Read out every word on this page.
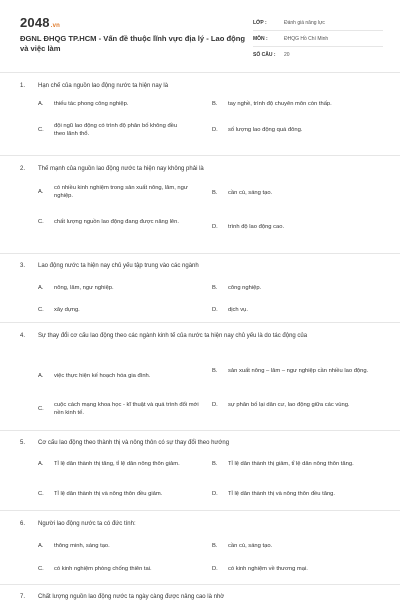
2048.vn
ĐGNL ĐHQG TP.HCM - Vấn đề thuộc lĩnh vực địa lý - Lao động và việc làm
LỚP :	Đánh giá năng lực
MÔN :	ĐHQG Hồ Chí Minh
SỐ CÂU :	20
1.	Hạn chế của nguồn lao động nước ta hiện nay là
A.	thiếu tác phong công nghiệp.	B.	tay nghề, trình độ chuyên môn còn thấp.
C.
đội ngũ lao động có trình độ phân bố không đều theo lãnh thổ.
D.	số lượng lao động quá đông.
2.	Thế mạnh của nguồn lao động nước ta hiện nay không phải là
A.
có nhiều kinh nghiệm trong sản xuất nông, lâm, ngư nghiệp.	B.	cần cù, sáng tạo.
C.	chất lượng nguồn lao động đang được nâng lên.
D.	trình độ lao động cao.
3.	Lao động nước ta hiện nay chủ yếu tập trung vào các ngành
A.	nông, lâm, ngư nghiệp.	B.	công nghiệp.
C.	xây dựng.	D.	dịch vụ.
4.	Sự thay đổi cơ cấu lao động theo các ngành kinh tế của nước ta hiện nay chủ yếu là do tác động của
A.	việc thực hiện kế hoạch hóa gia đình.
B.	sản xuất nông – lâm – ngư nghiệp cần nhiều lao động.
C.
cuộc cách mạng khoa học - kĩ thuật và quá trình đổi mới nền kinh tế.
D.	sự phân bố lại dân cư, lao động giữa các vùng.
5.	Cơ cấu lao động theo thành thị và nông thôn có sự thay đổi theo hướng
A.	Tỉ lệ dân thành thị tăng, tỉ lệ dân nông thôn giảm.	B.	Tỉ lệ dân thành thị giảm, tỉ lệ dân nông thôn tăng.
C.	Tỉ lệ dân thành thị và nông thôn đều giảm.	D.	Tỉ lệ dân thành thị và nông thôn đều tăng.
6.	Người lao động nước ta có đức tính:
A.	thông minh, sáng tạo.	B.	cần cù, sáng tạo.
C.	có kinh nghiệm phòng chống thiên tai.	D.	có kinh nghiệm về thương mại.
7.	Chất lượng nguồn lao động nước ta ngày càng được nâng cao là nhờ
